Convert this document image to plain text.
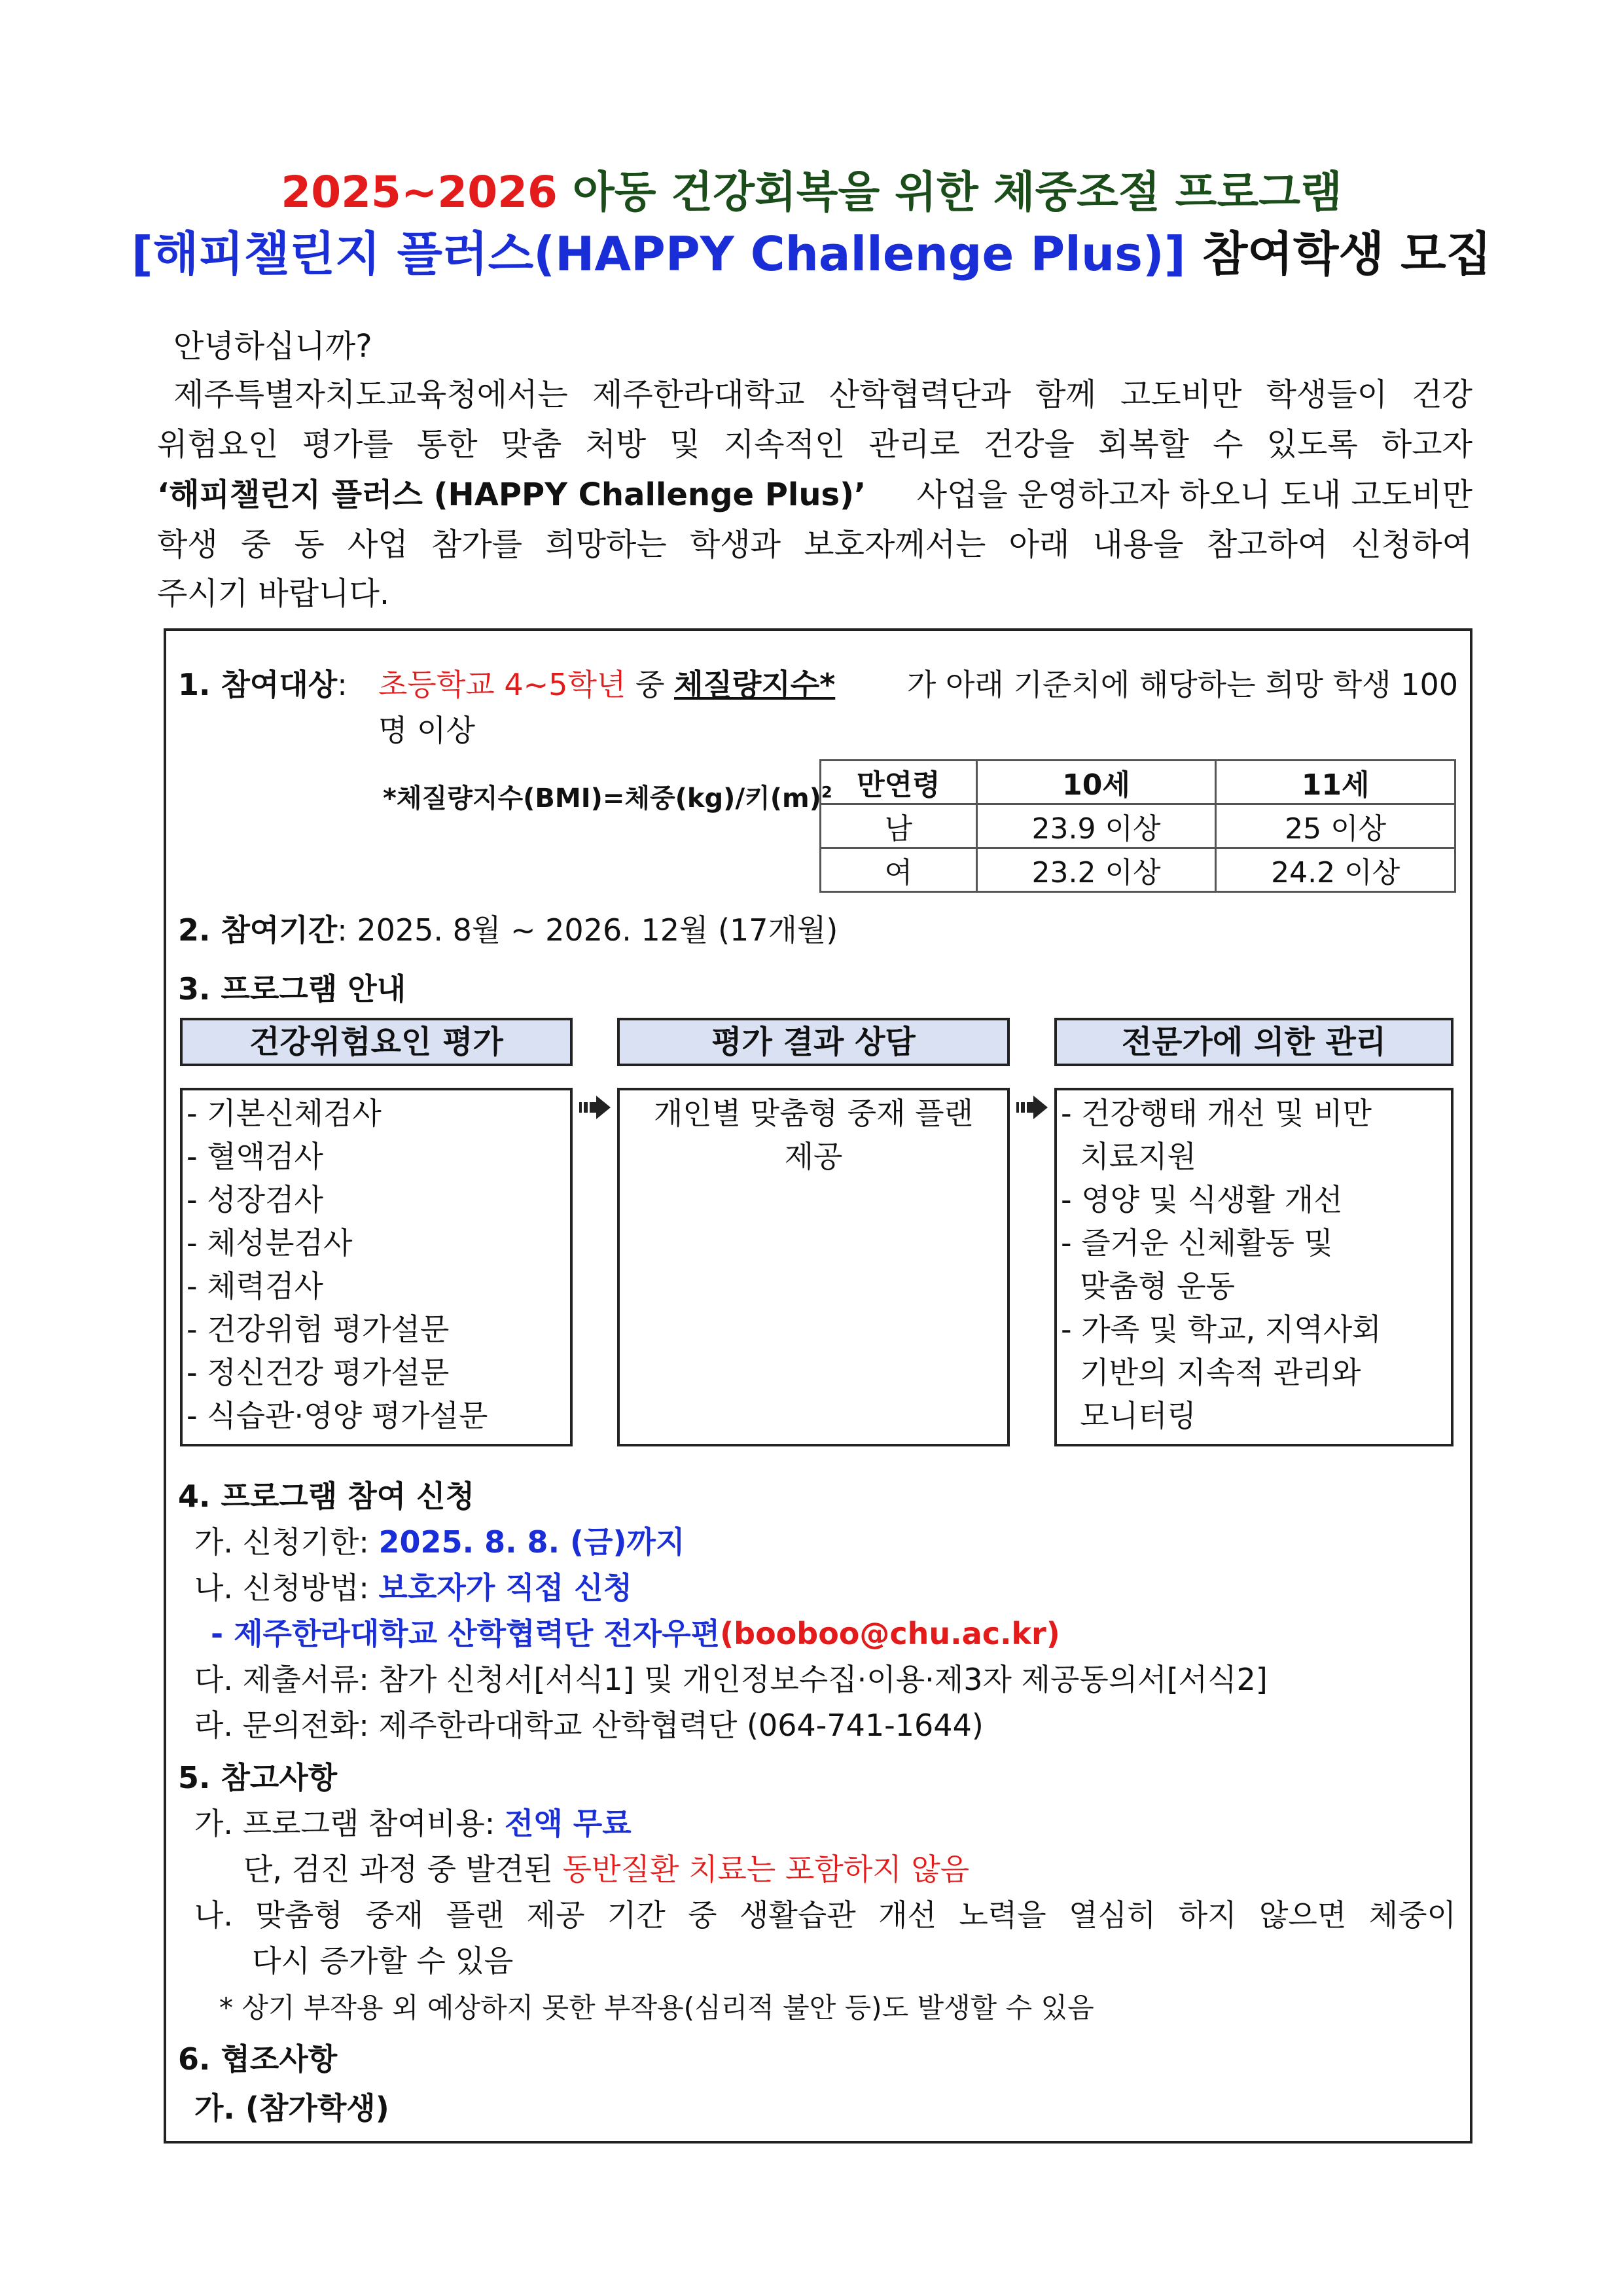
2025~2026 아동 건강회복을 위한 체중조절 프로그램
[해피챌린지 플러스(HAPPY Challenge Plus)] 참여학생 모집
안녕하십니까?
제주특별자치도교육청에서는 제주한라대학교 산학협력단과 함께 고도비만 학생들이 건강
위험요인 평가를 통한 맞춤 처방 및 지속적인 관리로 건강을 회복할 수 있도록 하고자
‘해피챌린지 플러스 (HAPPY Challenge Plus)’ 사업을 운영하고자 하오니 도내 고도비만
학생 중 동 사업 참가를 희망하는 학생과 보호자께서는 아래 내용을 참고하여 신청하여
주시기 바랍니다.
1. 참여대상: 초등학교 4~5학년 중 체질량지수* 가 아래 기준치에 해당하는 희망 학생 100
명 이상
*체질량지수(BMI)=체중(kg)/키$(m)^2$ 만연령	10세	11세
남	23.9 이상	25 이상
여	23.2 이상	24.2 이상
2. 참여기간: 2025. 8월 ~ 2026. 12월 (17개월)
3. 프로그램 안내
건강위험요인 평가	평가 결과 상담	전문가에 의한 관리
- 기본신체검사
- 혈액검사
- 성장검사
- 체성분검사
- 체력검사
- 건강위험 평가설문
- 정신건강 평가설문
- 식습관·영양 평가설문
개인별 맞춤형 중재 플랜
제공
- 건강행태 개선 및 비만
치료지원
- 영양 및 식생활 개선
- 즐거운 신체활동 및
맞춤형 운동
- 가족 및 학교, 지역사회
기반의 지속적 관리와
모니터링
4. 프로그램 참여 신청
가. 신청기한: 2025. 8. 8. (금)까지
나. 신청방법: 보호자가 직접 신청
- 제주한라대학교 산학협력단 전자우편(booboo@chu.ac.kr)
다. 제출서류: 참가 신청서[서식1] 및 개인정보수집·이용·제3자 제공동의서[서식2]
라. 문의전화: 제주한라대학교 산학협력단 (064-741-1644)
5. 참고사항
가. 프로그램 참여비용: 전액 무료
단, 검진 과정 중 발견된 동반질환 치료는 포함하지 않음
나. 맞춤형 중재 플랜 제공 기간 중 생활습관 개선 노력을 열심히 하지 않으면 체중이
다시 증가할 수 있음
* 상기 부작용 외 예상하지 못한 부작용(심리적 불안 등)도 발생할 수 있음
6. 협조사항
가. (참가학생)
